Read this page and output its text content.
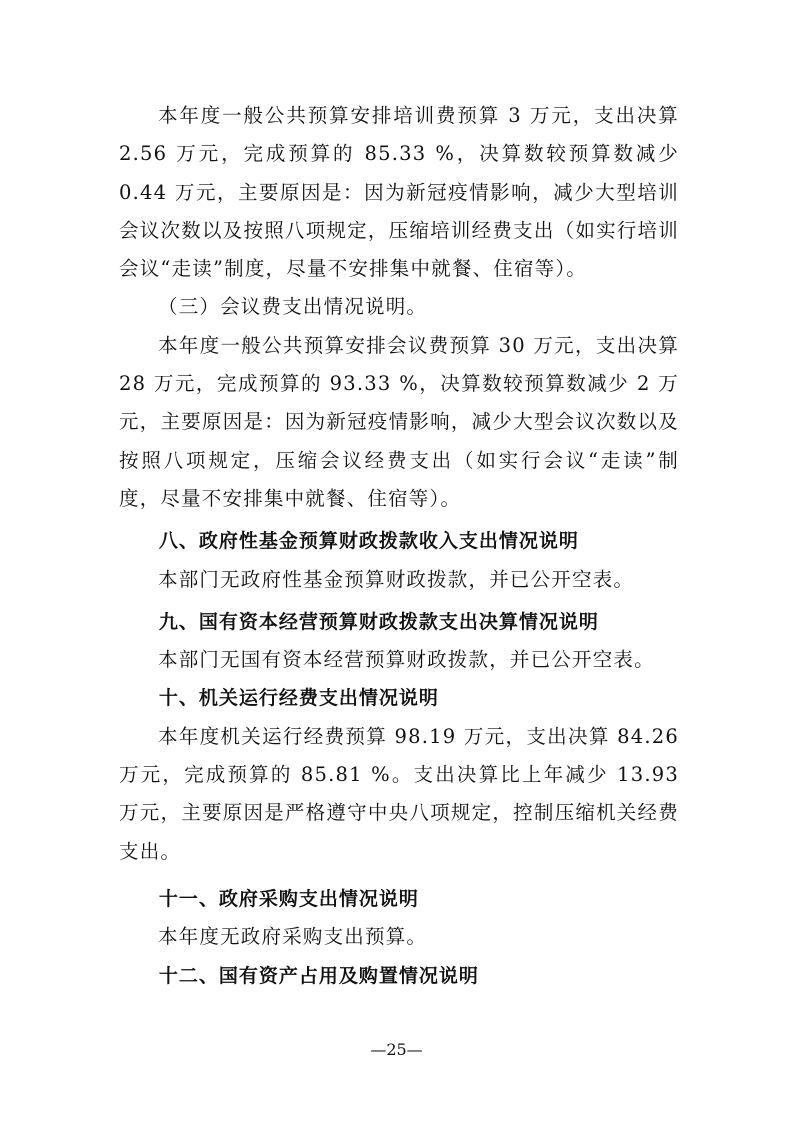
本年度一般公共预算安排培训费预算 3 万元，支出决算 2.56 万元，完成预算的 85.33 %，决算数较预算数减少 0.44 万元，主要原因是：因为新冠疫情影响，减少大型培训会议次数以及按照八项规定，压缩培训经费支出（如实行培训会议“走读”制度，尽量不安排集中就餐、住宿等）。

（三）会议费支出情况说明。

本年度一般公共预算安排会议费预算 30 万元，支出决算 28 万元，完成预算的 93.33 %，决算数较预算数减少 2 万元，主要原因是：因为新冠疫情影响，减少大型会议次数以及按照八项规定，压缩会议经费支出（如实行会议“走读”制度，尽量不安排集中就餐、住宿等）。

八、政府性基金预算财政拨款收入支出情况说明

本部门无政府性基金预算财政拨款，并已公开空表。

九、国有资本经营预算财政拨款支出决算情况说明

本部门无国有资本经营预算财政拨款，并已公开空表。

十、机关运行经费支出情况说明

本年度机关运行经费预算 98.19 万元，支出决算 84.26 万元，完成预算的 85.81 %。支出决算比上年减少 13.93 万元，主要原因是严格遵守中央八项规定，控制压缩机关经费支出。

十一、政府采购支出情况说明

本年度无政府采购支出预算。

十二、国有资产占用及购置情况说明

—25—
